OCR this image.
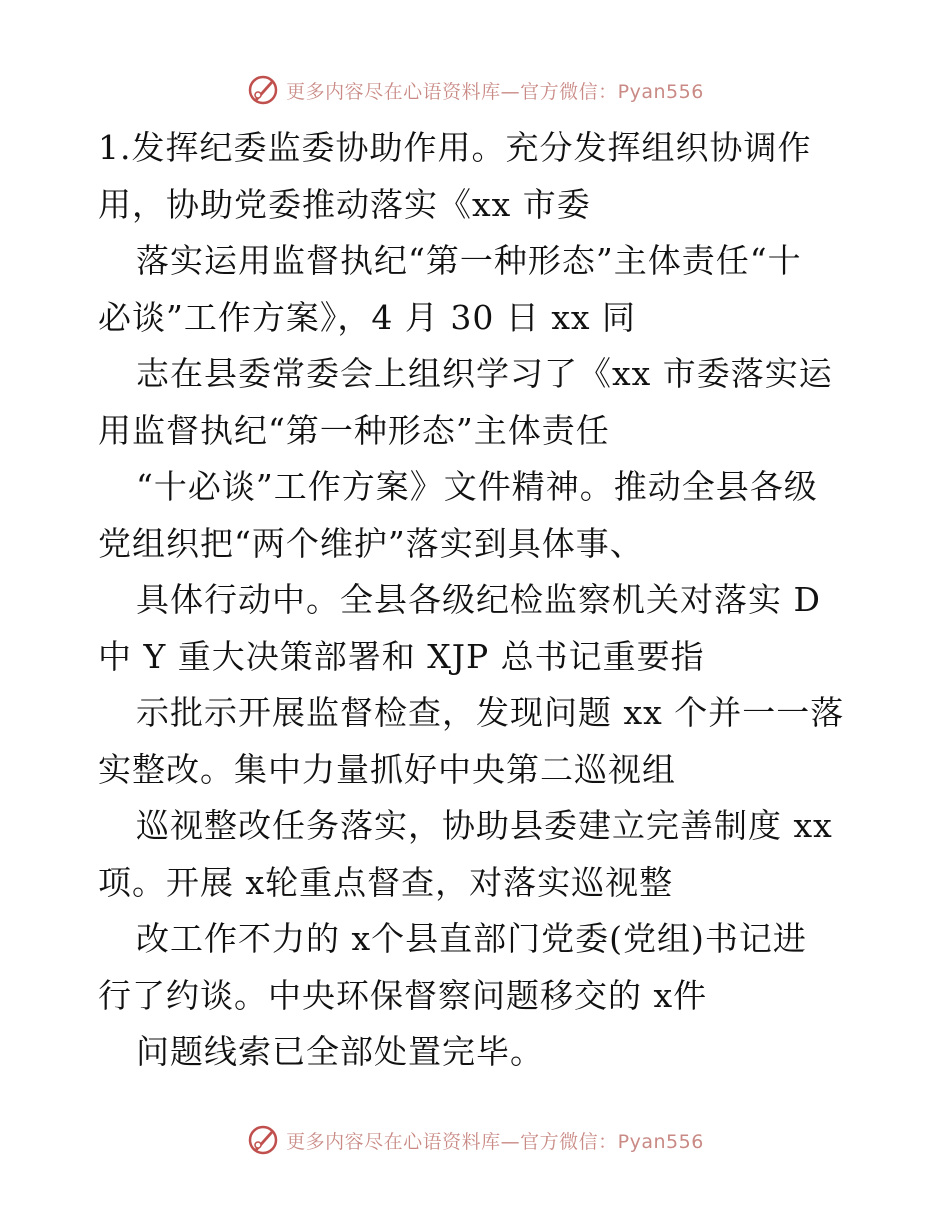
更多内容尽在心语资料库—官方微信：Pyan556
1.发挥纪委监委协助作用。充分发挥组织协调作
用，协助党委推动落实《xx 市委
落实运用监督执纪“第一种形态”主体责任“十
必谈”工作方案》，4 月 30 日 xx 同
志在县委常委会上组织学习了《xx 市委落实运
用监督执纪“第一种形态”主体责任
“十必谈”工作方案》文件精神。推动全县各级
党组织把“两个维护”落实到具体事、
具体行动中。全县各级纪检监察机关对落实 D
中 Y 重大决策部署和 XJP 总书记重要指
示批示开展监督检查，发现问题 xx 个并一一落
实整改。集中力量抓好中央第二巡视组
巡视整改任务落实，协助县委建立完善制度 xx
项。开展 x轮重点督查，对落实巡视整
改工作不力的 x个县直部门党委(党组)书记进
行了约谈。中央环保督察问题移交的 x件
问题线索已全部处置完毕。
更多内容尽在心语资料库—官方微信：Pyan556
